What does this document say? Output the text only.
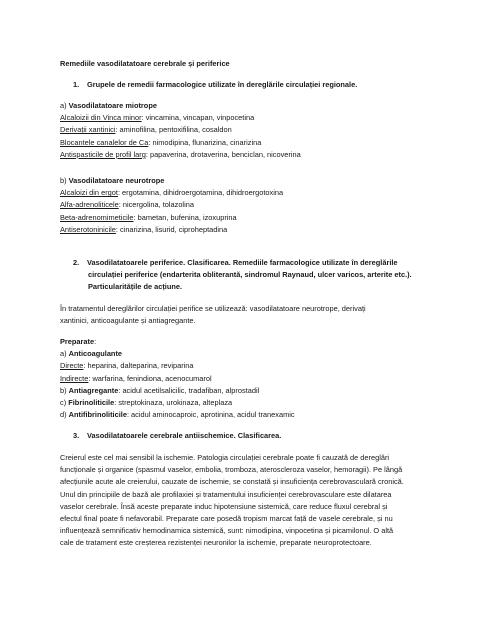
Remediile vasodilatatoare cerebrale și periferice

1. Grupele de remedii farmacologice utilizate în dereglările circulației regionale.

a) Vasodilatatoare miotrope

Alcaloizii din Vinca minor: vincamina, vincapan, vinpocetina

Derivații xantinici: aminofilina, pentoxifilina, cosaldon

Blocantele canalelor de Ca: nimodipina, flunarizina, cinarizina

Antispasticile de profil larg: papaverina, drotaverina, benciclan, nicoverina

b) Vasodilatatoare neurotrope

Alcaloizi din ergot: ergotamina, dihidroergotamina, dihidroergotoxina

Alfa-adrenoliticele: nicergolina, tolazolina

Beta-adrenomimeticile: bametan, bufenina, izoxuprina

Antiserotoninicile: cinarizina, lisurid, ciproheptadina

2. Vasodilatatoarele periferice. Clasificarea. Remediile farmacologice utilizate în dereglările

circulației periferice (endarterita obliterantă, sindromul Raynaud, ulcer varicos, arterite etc.).

Particularitățile de acțiune.

În tratamentul dereglărilor circulației perifice se utilizează: vasodilatatoare neurotrope, derivați

xantinici, anticoagulante și antiagregante.

Preparate:

a) Anticoagulante

Directe: heparina, dalteparina, reviparina

Indirecte: warfarina, fenindiona, acenocumarol

b) Antiagregante: acidul acetilsalicilic, tradafiban, alprostadil

c) Fibrinoliticile: streptokinaza, urokinaza, alteplaza

d) Antifibrinoliticile: acidul aminocaproic, aprotinina, acidul tranexamic

3. Vasodilatatoarele cerebrale antiischemice. Clasificarea.

Creierul este cel mai sensibil la ischemie. Patologia circulației cerebrale poate fi cauzată de dereglări

funcționale și organice (spasmul vaselor, embolia, tromboza, ateroscleroza vaselor, hemoragii). Pe lângă

afecțiunile acute ale creierului, cauzate de ischemie, se constată și insuficiența cerebrovasculară cronică.

Unul din principiile de bază ale profilaxiei și tratamentului insuficienței cerebrovasculare este dilatarea

vaselor cerebrale. Însă aceste preparate induc hipotensiune sistemică, care reduce fluxul cerebral și

efectul final poate fi nefavorabil. Preparate care posedă tropism marcat față de vasele cerebrale, și nu

influențează semnificativ hemodinamica sistemică, sunt: nimodipina, vinpocetina și picamilonul. O altă

cale de tratament este creșterea rezistenței neuronilor la ischemie, preparate neuroprotectoare.
